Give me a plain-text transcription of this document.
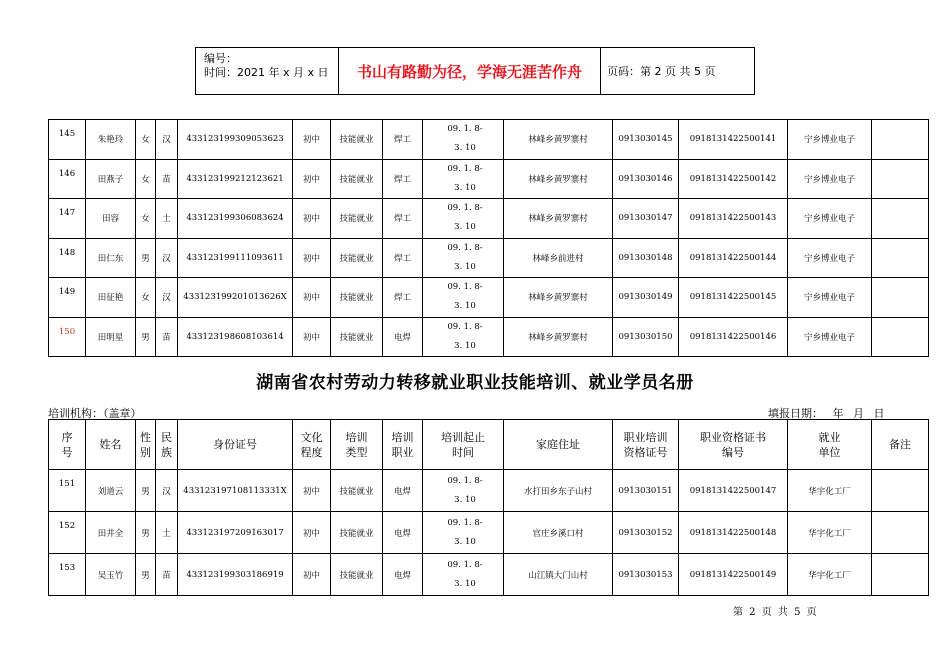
编号：
时间：2021 年 x 月 x 日	书山有路勤为径，学海无涯苦作舟	页码：第 2 页 共 5 页
145	朱艳玲	女	汉	433123199309053623	初中	技能就业	焊工	09. 1. 8-
3. 10	林峰乡黄罗寨村	0913030145	0918131422500141	宁乡博业电子	
146	田燕子	女	苗	433123199212123621	初中	技能就业	焊工	09. 1. 8-
3. 10	林峰乡黄罗寨村	0913030146	0918131422500142	宁乡博业电子	
147	田容	女	土	433123199306083624	初中	技能就业	焊工	09. 1. 8-
3. 10	林峰乡黄罗寨村	0913030147	0918131422500143	宁乡博业电子	
148	田仁东	男	汉	433123199111093611	初中	技能就业	焊工	09. 1. 8-
3. 10	林峰乡前进村	0913030148	0918131422500144	宁乡博业电子	
149	田征艳	女	汉	433123199201013626X	初中	技能就业	焊工	09. 1. 8-
3. 10	林峰乡黄罗寨村	0913030149	0918131422500145	宁乡博业电子	
150	田明星	男	苗	433123198608103614	初中	技能就业	电焊	09. 1. 8-
3. 10	林峰乡黄罗寨村	0913030150	0918131422500146	宁乡博业电子	
湖南省农村劳动力转移就业职业技能培训、就业学员名册
培训机构：（盖章）	填报日期： 年 月 日
序号	姓名	性别	民族	身份证号	文化程度	培训类型	培训职业	培训起止时间	家庭住址	职业培训资格证号	职业资格证书编号	就业单位	备注
151	刘道云	男	汉	433123197108113331X	初中	技能就业	电焊	09. 1. 8-
3. 10	水打田乡东子山村	0913030151	0918131422500147	华宇化工厂	
152	田井全	男	土	433123197209163017	初中	技能就业	电焊	09. 1. 8-
3. 10	官庄乡溪口村	0913030152	0918131422500148	华宇化工厂	
153	吴玉竹	男	苗	433123199303186919	初中	技能就业	电焊	09. 1. 8-
3. 10	山江镇大门山村	0913030153	0918131422500149	华宇化工厂	
第 2 页 共 5 页
